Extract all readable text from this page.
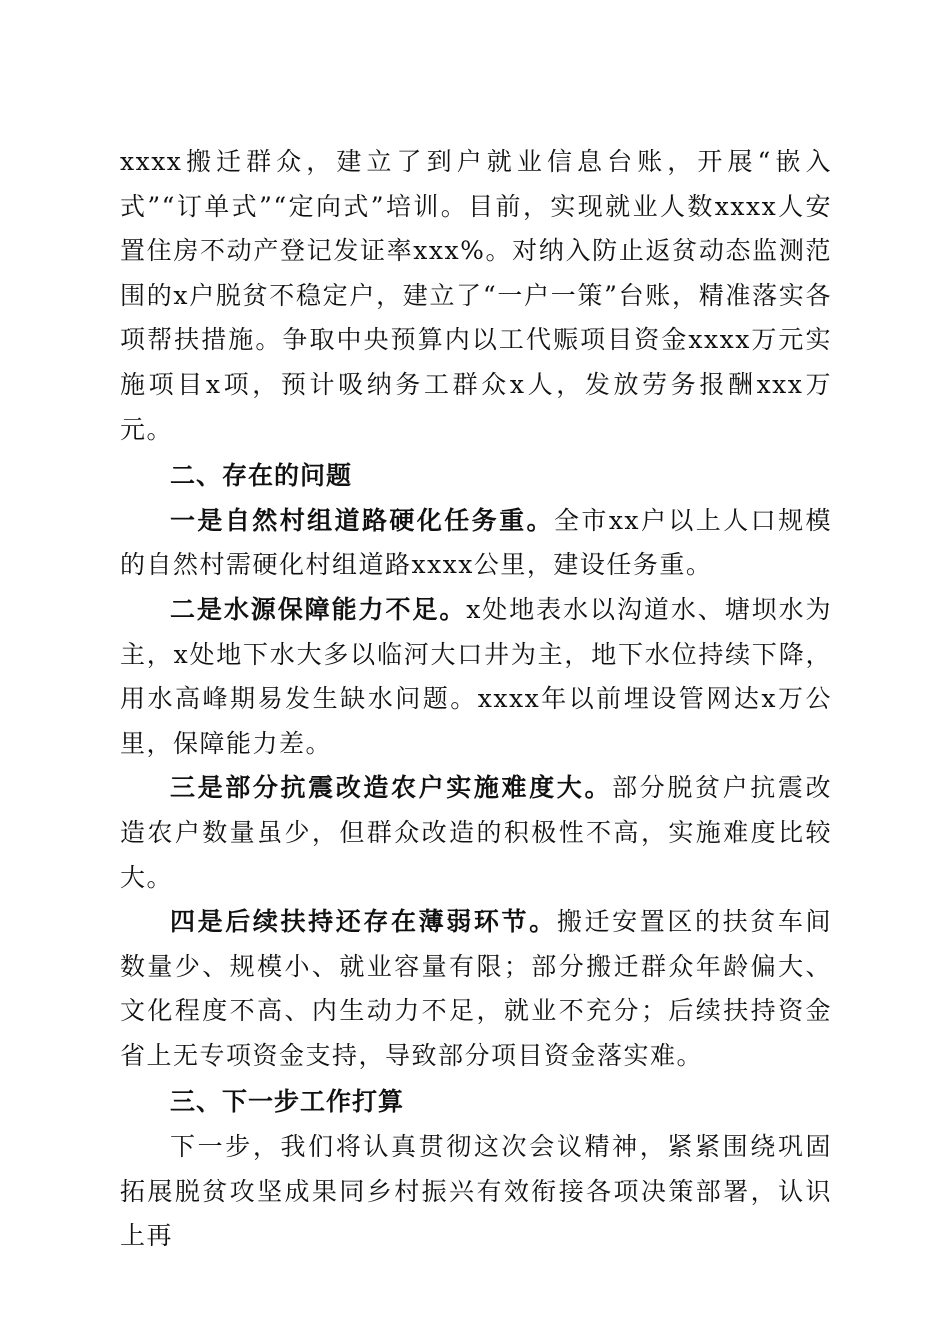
xxxx搬迁群众，建立了到户就业信息台账，开展“嵌入式”“订单式”“定向式”培训。目前，实现就业人数xxxx人安置住房不动产登记发证率xxx%。对纳入防止返贫动态监测范围的x户脱贫不稳定户，建立了“一户一策”台账，精准落实各项帮扶措施。争取中央预算内以工代赈项目资金xxxx万元实施项目x项，预计吸纳务工群众x人，发放劳务报酬xxx万元。

二、存在的问题

一是自然村组道路硬化任务重。全市xx户以上人口规模的自然村需硬化村组道路xxxx公里，建设任务重。

二是水源保障能力不足。x处地表水以沟道水、塘坝水为主，x处地下水大多以临河大口井为主，地下水位持续下降，用水高峰期易发生缺水问题。xxxx年以前埋设管网达x万公里，保障能力差。

三是部分抗震改造农户实施难度大。部分脱贫户抗震改造农户数量虽少，但群众改造的积极性不高，实施难度比较大。

四是后续扶持还存在薄弱环节。搬迁安置区的扶贫车间数量少、规模小、就业容量有限；部分搬迁群众年龄偏大、文化程度不高、内生动力不足，就业不充分；后续扶持资金省上无专项资金支持，导致部分项目资金落实难。

三、下一步工作打算

下一步，我们将认真贯彻这次会议精神，紧紧围绕巩固拓展脱贫攻坚成果同乡村振兴有效衔接各项决策部署，认识上再
